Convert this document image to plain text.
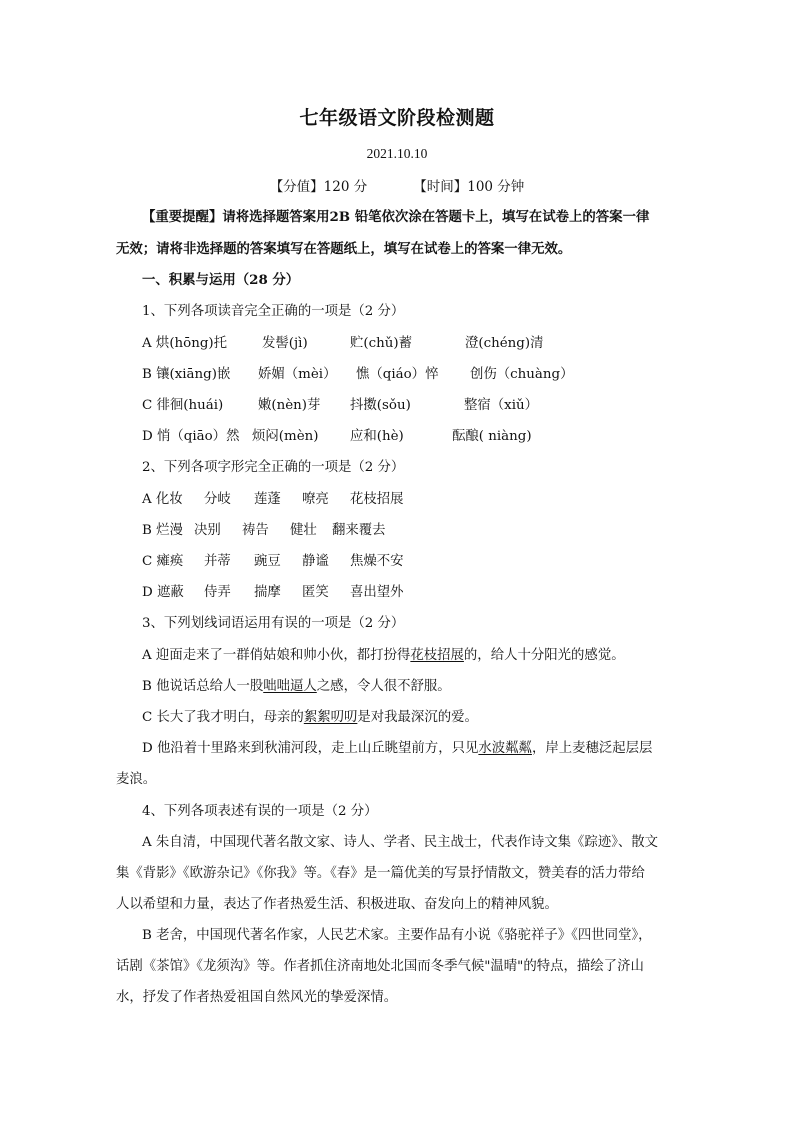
七年级语文阶段检测题
2021.10.10
【分值】120 分	【时间】100 分钟
【重要提醒】请将选择题答案用2B 铅笔依次涂在答题卡上，填写在试卷上的答案一律
无效；请将非选择题的答案填写在答题纸上，填写在试卷上的答案一律无效。
一、积累与运用（28 分）
1、下列各项读音完全正确的一项是（2 分）
A 烘(hōng)托	发髻(jì)	贮(chǔ)蓄	澄(chéng)清
B 镶(xiāng)嵌 娇媚（mèi） 憔（qiáo）悴 创伤（chuàng）
C 徘徊(huái)	嫩(nèn)芽 抖擞(sǒu)	整宿（xiǔ）
D 悄（qiāo）然 烦闷(mèn) 应和(hè)	酝酿( niàng)
2、下列各项字形完全正确的一项是（2 分）
A 化妆 分岐 莲蓬 嘹亮 花枝招展
B 烂漫 决别 祷告 健壮 翻来覆去
C 瘫痪 并蒂 豌豆 静谧 焦燥不安
D 遮蔽 侍弄 揣摩 匿笑 喜出望外
3、下列划线词语运用有误的一项是（2 分）
A 迎面走来了一群俏姑娘和帅小伙，都打扮得花枝招展的，给人十分阳光的感觉。
B 他说话总给人一股咄咄逼人之感，令人很不舒服。
C 长大了我才明白，母亲的絮絮叨叨是对我最深沉的爱。
D 他沿着十里路来到秋浦河段，走上山丘眺望前方，只见水波粼粼，岸上麦穗泛起层层
麦浪。
4、下列各项表述有误的一项是（2 分）
A 朱自清，中国现代著名散文家、诗人、学者、民主战士，代表作诗文集《踪迹》、散文
集《背影》《欧游杂记》《你我》等。《春》是一篇优美的写景抒情散文，赞美春的活力带给
人以希望和力量，表达了作者热爱生活、积极进取、奋发向上的精神风貌。
B 老舍，中国现代著名作家，人民艺术家。主要作品有小说《骆驼祥子》《四世同堂》，
话剧《茶馆》《龙须沟》等。作者抓住济南地处北国而冬季气候"温晴"的特点，描绘了济山
水，抒发了作者热爱祖国自然风光的挚爱深情。
